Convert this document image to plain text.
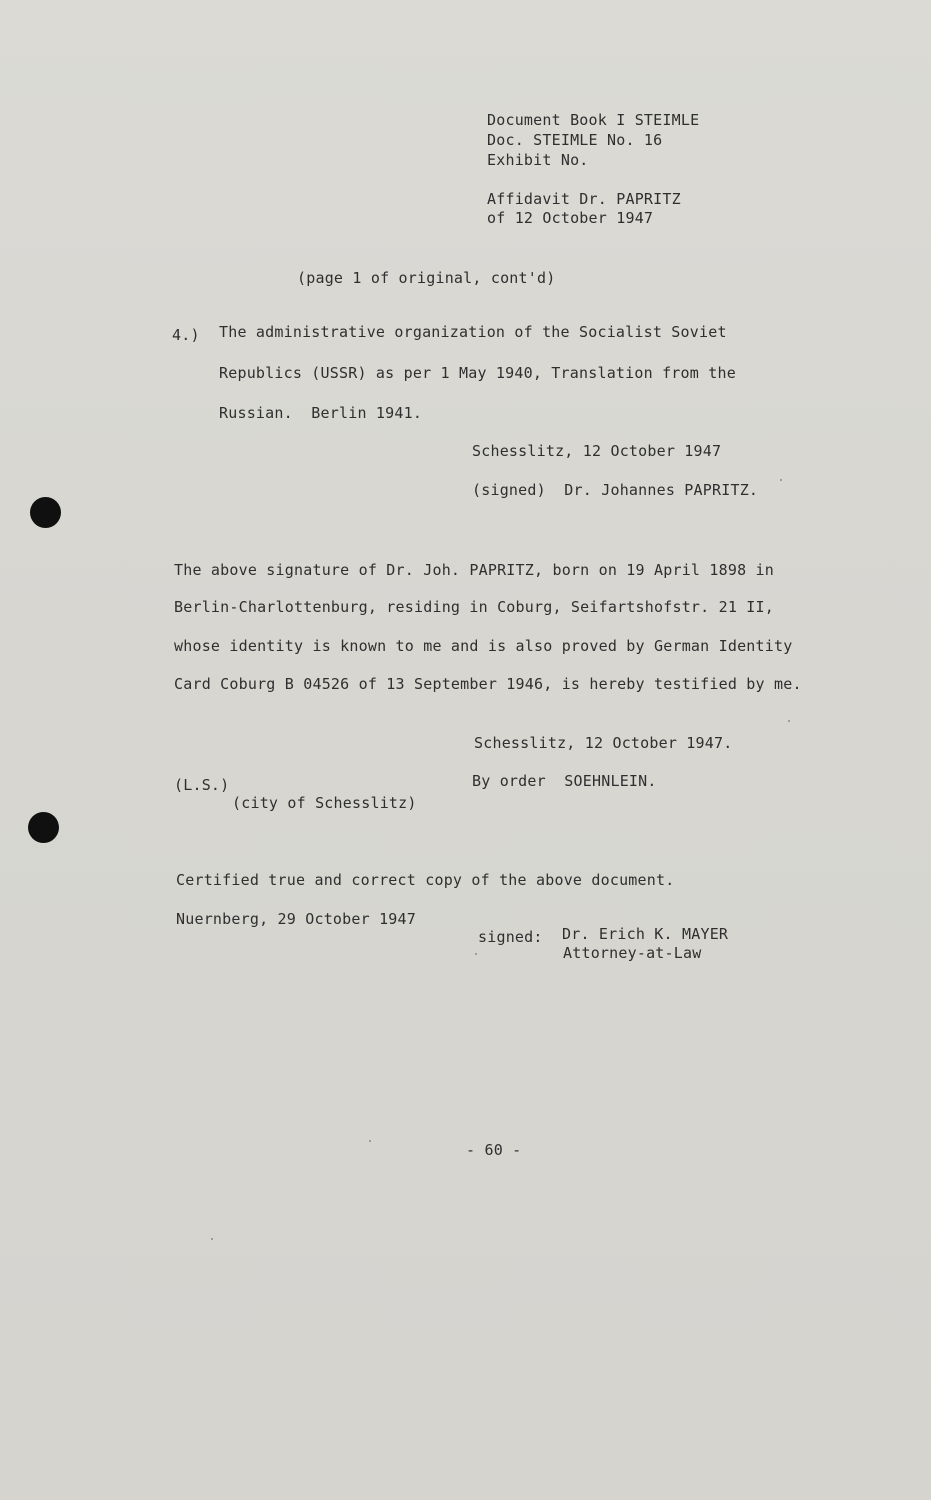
Document Book I STEIMLE
Doc. STEIMLE No. 16
Exhibit No.
Affidavit Dr. PAPRITZ
of 12 October 1947
(page 1 of original, cont'd)
4.) The administrative organization of the Socialist Soviet
Republics (USSR) as per 1 May 1940, Translation from the
Russian.  Berlin 1941.
Schesslitz, 12 October 1947
(signed)  Dr. Johannes PAPRITZ.
The above signature of Dr. Joh. PAPRITZ, born on 19 April 1898 in
Berlin-Charlottenburg, residing in Coburg, Seifartshofstr. 21 II,
whose identity is known to me and is also proved by German Identity
Card Coburg B 04526 of 13 September 1946, is hereby testified by me.
Schesslitz, 12 October 1947.
(L.S.)
(city of Schesslitz)
By order  SOEHNLEIN.
Certified true and correct copy of the above document.
Nuernberg, 29 October 1947
signed: Dr. Erich K. MAYER
Attorney-at-Law
- 60 -
